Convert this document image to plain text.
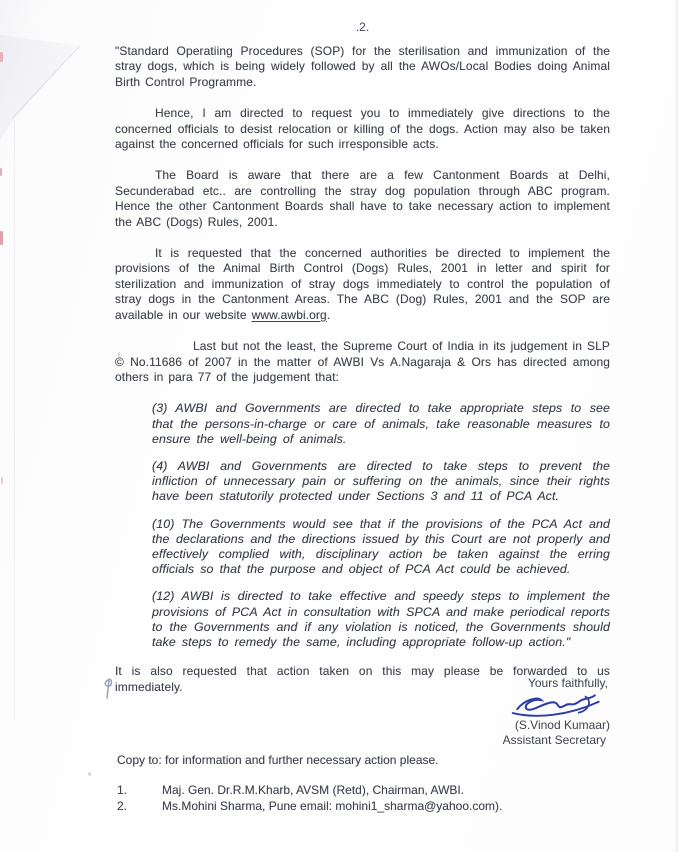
.2.

"Standard Operatiing Procedures (SOP) for the sterilisation and immunization of the stray dogs, which is being widely followed by all the AWOs/Local Bodies doing Animal Birth Control Programme.

Hence, I am directed to request you to immediately give directions to the concerned officials to desist relocation or killing of the dogs. Action may also be taken against the concerned officials for such irresponsible acts.

The Board is aware that there are a few Cantonment Boards at Delhi, Secunderabad etc.. are controlling the stray dog population through ABC program. Hence the other Cantonment Boards shall have to take necessary action to implement the ABC (Dogs) Rules, 2001.

It is requested that the concerned authorities be directed to implement the provisions of the Animal Birth Control (Dogs) Rules, 2001 in letter and spirit for sterilization and immunization of stray dogs immediately to control the population of stray dogs in the Cantonment Areas. The ABC (Dog) Rules, 2001 and the SOP are available in our website www.awbi.org.

Last but not the least, the Supreme Court of India in its judgement in SLP © No.11686 of 2007 in the matter of AWBI Vs A.Nagaraja & Ors has directed among others in para 77 of the judgement that:

(3) AWBI and Governments are directed to take appropriate steps to see that the persons-in-charge or care of animals, take reasonable measures to ensure the well-being of animals.

(4) AWBI and Governments are directed to take steps to prevent the infliction of unnecessary pain or suffering on the animals, since their rights have been statutorily protected under Sections 3 and 11 of PCA Act.

(10) The Governments would see that if the provisions of the PCA Act and the declarations and the directions issued by this Court are not properly and effectively complied with, disciplinary action be taken against the erring officials so that the purpose and object of PCA Act could be achieved.

(12) AWBI is directed to take effective and speedy steps to implement the provisions of PCA Act in consultation with SPCA and make periodical reports to the Governments and if any violation is noticed, the Governments should take steps to remedy the same, including appropriate follow-up action."

It is also requested that action taken on this may please be forwarded to us immediately.	Yours faithfully,
(S.Vinod Kumaar)
Assistant Secretary

Copy to: for information and further necessary action please.

1.	Maj. Gen. Dr.R.M.Kharb, AVSM (Retd), Chairman, AWBI.
2.	Ms.Mohini Sharma, Pune email: mohini1_sharma@yahoo.com).
